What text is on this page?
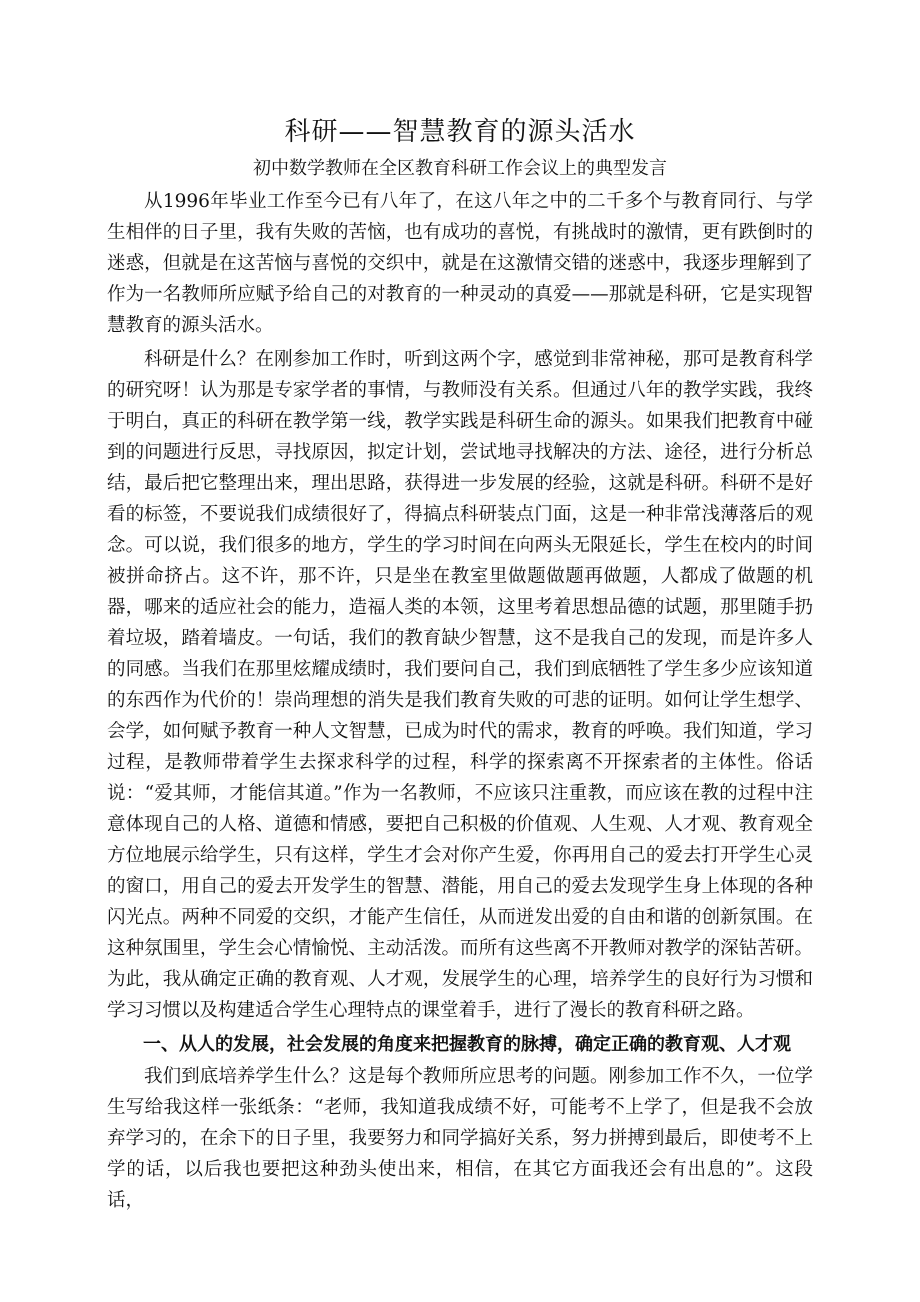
科研——智慧教育的源头活水
初中数学教师在全区教育科研工作会议上的典型发言

从1996年毕业工作至今已有八年了，在这八年之中的二千多个与教育同行、与学生相伴的日子里，我有失败的苦恼，也有成功的喜悦，有挑战时的激情，更有跌倒时的迷惑，但就是在这苦恼与喜悦的交织中，就是在这激情交错的迷惑中，我逐步理解到了作为一名教师所应赋予给自己的对教育的一种灵动的真爱——那就是科研，它是实现智慧教育的源头活水。

科研是什么？在刚参加工作时，听到这两个字，感觉到非常神秘，那可是教育科学的研究呀！认为那是专家学者的事情，与教师没有关系。但通过八年的教学实践，我终于明白，真正的科研在教学第一线，教学实践是科研生命的源头。如果我们把教育中碰到的问题进行反思，寻找原因，拟定计划，尝试地寻找解决的方法、途径，进行分析总结，最后把它整理出来，理出思路，获得进一步发展的经验，这就是科研。科研不是好看的标签，不要说我们成绩很好了，得搞点科研装点门面，这是一种非常浅薄落后的观念。可以说，我们很多的地方，学生的学习时间在向两头无限延长，学生在校内的时间被拼命挤占。这不许，那不许，只是坐在教室里做题做题再做题，人都成了做题的机器，哪来的适应社会的能力，造福人类的本领，这里考着思想品德的试题，那里随手扔着垃圾，踏着墙皮。一句话，我们的教育缺少智慧，这不是我自己的发现，而是许多人的同感。当我们在那里炫耀成绩时，我们要问自己，我们到底牺牲了学生多少应该知道的东西作为代价的！崇尚理想的消失是我们教育失败的可悲的证明。如何让学生想学、会学，如何赋予教育一种人文智慧，已成为时代的需求，教育的呼唤。我们知道，学习过程，是教师带着学生去探求科学的过程，科学的探索离不开探索者的主体性。俗话说：“爱其师，才能信其道。”作为一名教师，不应该只注重教，而应该在教的过程中注意体现自己的人格、道德和情感，要把自己积极的价值观、人生观、人才观、教育观全方位地展示给学生，只有这样，学生才会对你产生爱，你再用自己的爱去打开学生心灵的窗口，用自己的爱去开发学生的智慧、潜能，用自己的爱去发现学生身上体现的各种闪光点。两种不同爱的交织，才能产生信任，从而迸发出爱的自由和谐的创新氛围。在这种氛围里，学生会心情愉悦、主动活泼。而所有这些离不开教师对教学的深钻苦研。为此，我从确定正确的教育观、人才观，发展学生的心理，培养学生的良好行为习惯和学习习惯以及构建适合学生心理特点的课堂着手，进行了漫长的教育科研之路。

一、从人的发展，社会发展的角度来把握教育的脉搏，确定正确的教育观、人才观

我们到底培养学生什么？这是每个教师所应思考的问题。刚参加工作不久，一位学生写给我这样一张纸条：“老师，我知道我成绩不好，可能考不上学了，但是我不会放弃学习的，在余下的日子里，我要努力和同学搞好关系，努力拼搏到最后，即使考不上学的话，以后我也要把这种劲头使出来，相信，在其它方面我还会有出息的”。这段话，
